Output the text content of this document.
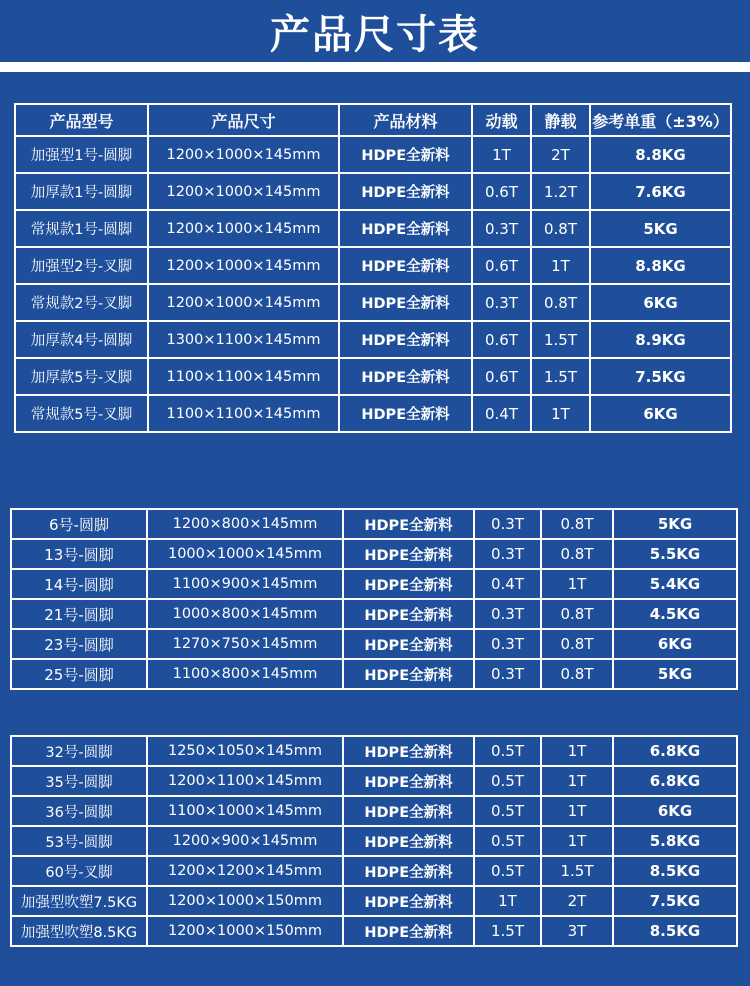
产品尺寸表
产品型号	产品尺寸	产品材料	动载	静载	参考单重（±3%）
加强型1号-圆脚	1200×1000×145mm	HDPE全新料	1T	2T	8.8KG
加厚款1号-圆脚	1200×1000×145mm	HDPE全新料	0.6T	1.2T	7.6KG
常规款1号-圆脚	1200×1000×145mm	HDPE全新料	0.3T	0.8T	5KG
加强型2号-叉脚	1200×1000×145mm	HDPE全新料	0.6T	1T	8.8KG
常规款2号-叉脚	1200×1000×145mm	HDPE全新料	0.3T	0.8T	6KG
加厚款4号-圆脚	1300×1100×145mm	HDPE全新料	0.6T	1.5T	8.9KG
加厚款5号-叉脚	1100×1100×145mm	HDPE全新料	0.6T	1.5T	7.5KG
常规款5号-叉脚	1100×1100×145mm	HDPE全新料	0.4T	1T	6KG
6号-圆脚	1200×800×145mm	HDPE全新料	0.3T	0.8T	5KG
13号-圆脚	1000×1000×145mm	HDPE全新料	0.3T	0.8T	5.5KG
14号-圆脚	1100×900×145mm	HDPE全新料	0.4T	1T	5.4KG
21号-圆脚	1000×800×145mm	HDPE全新料	0.3T	0.8T	4.5KG
23号-圆脚	1270×750×145mm	HDPE全新料	0.3T	0.8T	6KG
25号-圆脚	1100×800×145mm	HDPE全新料	0.3T	0.8T	5KG
32号-圆脚	1250×1050×145mm	HDPE全新料	0.5T	1T	6.8KG
35号-圆脚	1200×1100×145mm	HDPE全新料	0.5T	1T	6.8KG
36号-圆脚	1100×1000×145mm	HDPE全新料	0.5T	1T	6KG
53号-圆脚	1200×900×145mm	HDPE全新料	0.5T	1T	5.8KG
60号-叉脚	1200×1200×145mm	HDPE全新料	0.5T	1.5T	8.5KG
加强型吹塑7.5KG	1200×1000×150mm	HDPE全新料	1T	2T	7.5KG
加强型吹塑8.5KG	1200×1000×150mm	HDPE全新料	1.5T	3T	8.5KG
